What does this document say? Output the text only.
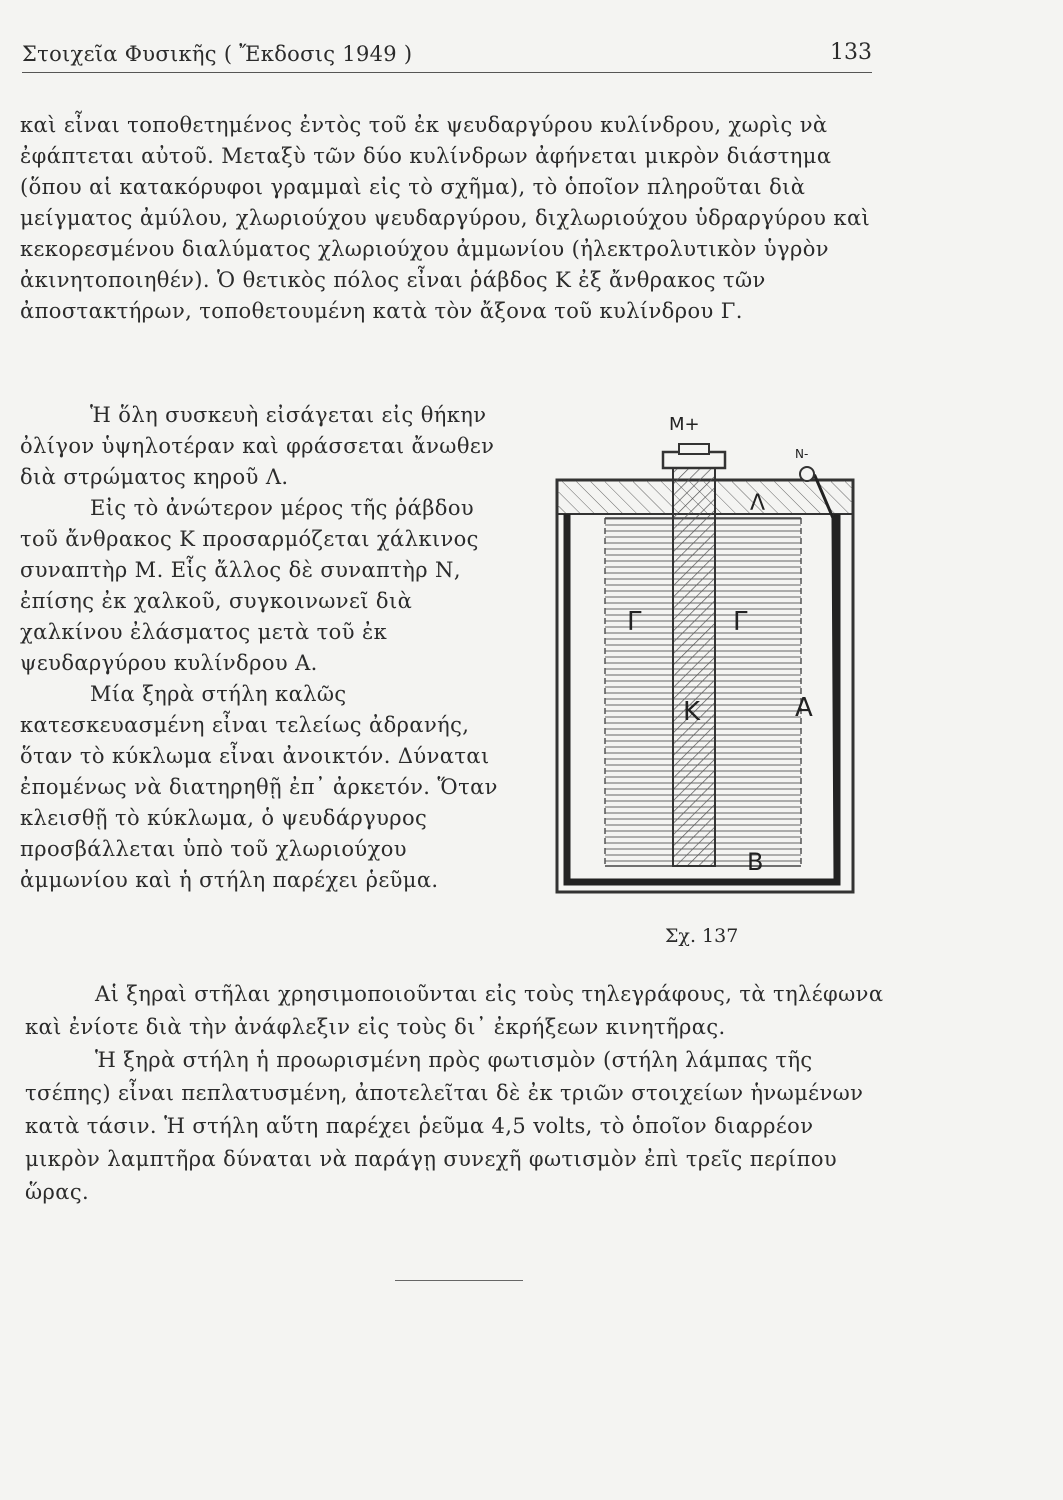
Στοιχεῖα Φυσικῆς ( Ἔκδοσις 1949 )	133

καὶ εἶναι τοποθετημένος ἐντὸς τοῦ ἐκ ψευδαργύρου κυλίνδρου, χωρὶς νὰ ἐφάπτεται αὐτοῦ. Μεταξὺ τῶν δύο κυλίνδρων ἀφήνεται μικρὸν διάστημα (ὅπου αἱ κατακόρυφοι γραμμαὶ εἰς τὸ σχῆμα), τὸ ὁποῖον πληροῦται διὰ μείγματος ἀμύλου, χλωριούχου ψευδαργύρου, διχλωριούχου ὑδραργύρου καὶ κεκορεσμένου διαλύματος χλωριούχου ἀμμωνίου (ἠλεκτρολυτικὸν ὑγρὸν ἀκινητοποιηθέν). Ὁ θετικὸς πόλος εἶναι ῥάβδος Κ ἐξ ἄνθρακος τῶν ἀποστακτήρων, τοποθετουμένη κατὰ τὸν ἄξονα τοῦ κυλίνδρου Γ.

Ἡ ὅλη συσκευὴ εἰσάγεται εἰς θήκην ὀλίγον ὑψηλοτέραν καὶ φράσσεται ἄνωθεν διὰ στρώματος κηροῦ Λ.

Εἰς τὸ ἀνώτερον μέρος τῆς ῥάβδου τοῦ ἄνθρακος Κ προσαρμόζεται χάλκινος συναπτὴρ Μ. Εἷς ἄλλος δὲ συναπτὴρ Ν, ἐπίσης ἐκ χαλκοῦ, συγκοινωνεῖ διὰ χαλκίνου ἐλάσματος μετὰ τοῦ ἐκ ψευδαργύρου κυλίνδρου Α.

Μία ξηρὰ στήλη καλῶς κατεσκευασμένη εἶναι τελείως ἀδρανής, ὅταν τὸ κύκλωμα εἶναι ἀνοικτόν. Δύναται ἐπομένως νὰ διατηρηθῇ ἐπ᾽ ἀρκετόν. Ὅταν κλεισθῇ τὸ κύκλωμα, ὁ ψευδάργυρος προσβάλλεται ὑπὸ τοῦ χλωριούχου ἀμμωνίου καὶ ἡ στήλη παρέχει ῥεῦμα.

M+
N-
Λ
Γ	Γ
K	A
B
Σχ. 137

Αἱ ξηραὶ στῆλαι χρησιμοποιοῦνται εἰς τοὺς τηλεγράφους, τὰ τηλέφωνα καὶ ἐνίοτε διὰ τὴν ἀνάφλεξιν εἰς τοὺς δι᾽ ἐκρήξεων κινητῆρας.

Ἡ ξηρὰ στήλη ἡ προωρισμένη πρὸς φωτισμὸν (στήλη λάμπας τῆς τσέπης) εἶναι πεπλατυσμένη, ἀποτελεῖται δὲ ἐκ τριῶν στοιχείων ἡνωμένων κατὰ τάσιν. Ἡ στήλη αὕτη παρέχει ῥεῦμα 4,5 volts, τὸ ὁποῖον διαρρέον μικρὸν λαμπτῆρα δύναται νὰ παράγῃ συνεχῆ φωτισμὸν ἐπὶ τρεῖς περίπου ὥρας.
